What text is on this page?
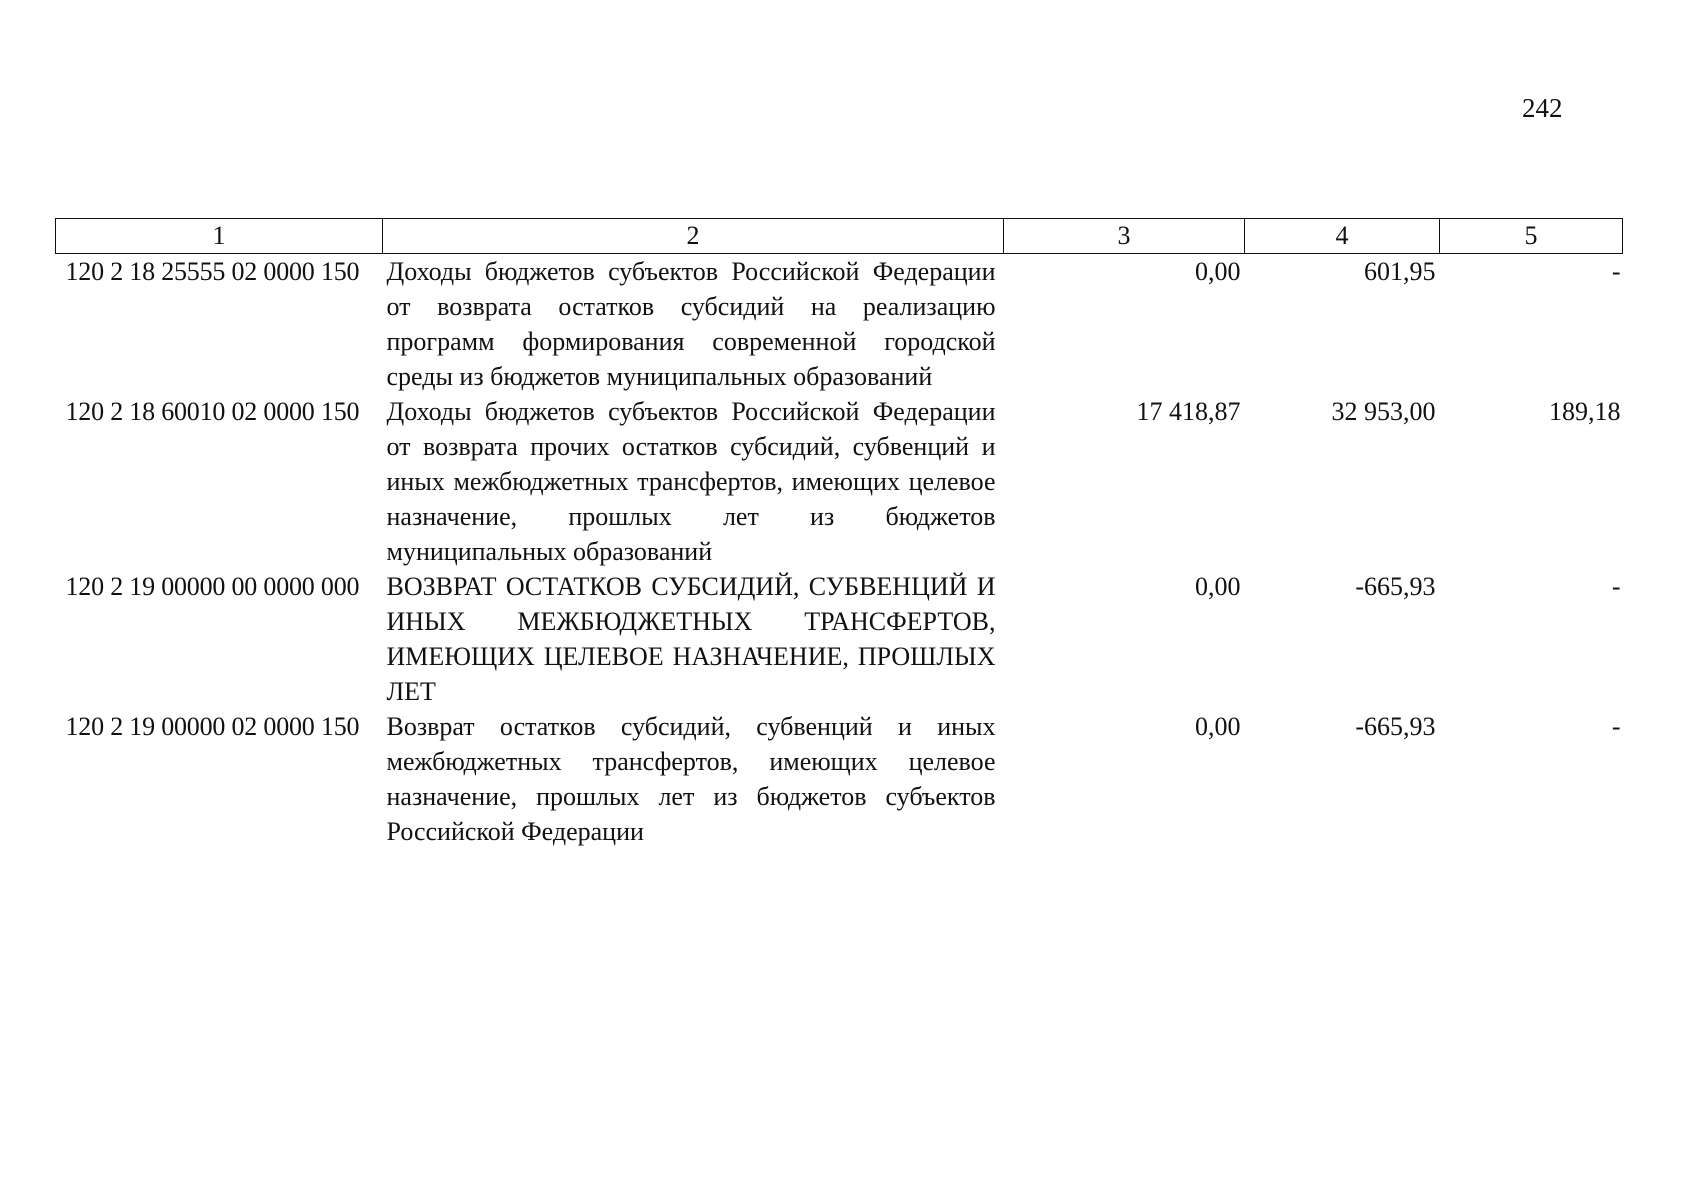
242
1	2	3	4	5
120 2 18 25555 02 0000 150	Доходы бюджетов субъектов Российской Федерации от возврата остатков субсидий на реализацию программ формирования современной городской среды из бюджетов муниципальных образований	0,00	601,95	-
120 2 18 60010 02 0000 150	Доходы бюджетов субъектов Российской Федерации от возврата прочих остатков субсидий, субвенций и иных межбюджетных трансфертов, имеющих целевое назначение, прошлых лет из бюджетов муниципальных образований	17 418,87	32 953,00	189,18
120 2 19 00000 00 0000 000	ВОЗВРАТ ОСТАТКОВ СУБСИДИЙ, СУБВЕНЦИЙ И ИНЫХ МЕЖБЮДЖЕТНЫХ ТРАНСФЕРТОВ, ИМЕЮЩИХ ЦЕЛЕВОЕ НАЗНАЧЕНИЕ, ПРОШЛЫХ ЛЕТ	0,00	-665,93	-
120 2 19 00000 02 0000 150	Возврат остатков субсидий, субвенций и иных межбюджетных трансфертов, имеющих целевое назначение, прошлых лет из бюджетов субъектов Российской Федерации	0,00	-665,93	-
